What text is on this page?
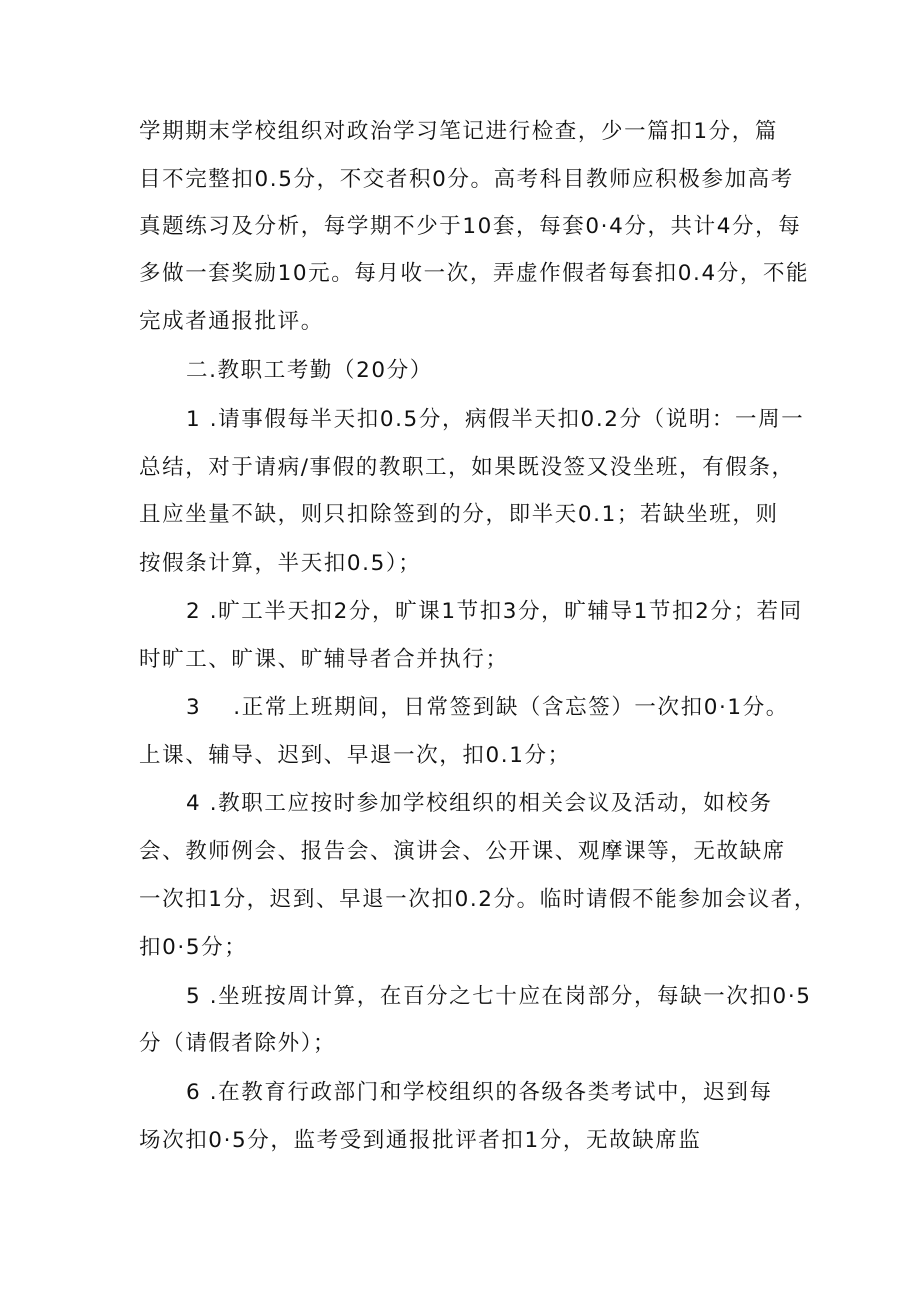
学期期末学校组织对政治学习笔记进行检查，少一篇扣1分，篇
目不完整扣0.5分，不交者积0分。高考科目教师应积极参加高考
真题练习及分析，每学期不少于10套，每套0·4分，共计4分，每
多做一套奖励10元。每月收一次，弄虚作假者每套扣0.4分，不能
完成者通报批评。
二.教职工考勤（20分）
1 .请事假每半天扣0.5分，病假半天扣0.2分（说明：一周一
总结，对于请病/事假的教职工，如果既没签又没坐班，有假条，
且应坐量不缺，则只扣除签到的分，即半天0.1；若缺坐班，则
按假条计算，半天扣0.5）；
2 .旷工半天扣2分，旷课1节扣3分，旷辅导1节扣2分；若同
时旷工、旷课、旷辅导者合并执行；
3 .正常上班期间，日常签到缺（含忘签）一次扣0·1分。
上课、辅导、迟到、早退一次，扣0.1分；
4 .教职工应按时参加学校组织的相关会议及活动，如校务
会、教师例会、报告会、演讲会、公开课、观摩课等，无故缺席
一次扣1分，迟到、早退一次扣0.2分。临时请假不能参加会议者，
扣0·5分；
5 .坐班按周计算，在百分之七十应在岗部分，每缺一次扣0·5
分（请假者除外）；
6 .在教育行政部门和学校组织的各级各类考试中，迟到每
场次扣0·5分，监考受到通报批评者扣1分，无故缺席监
